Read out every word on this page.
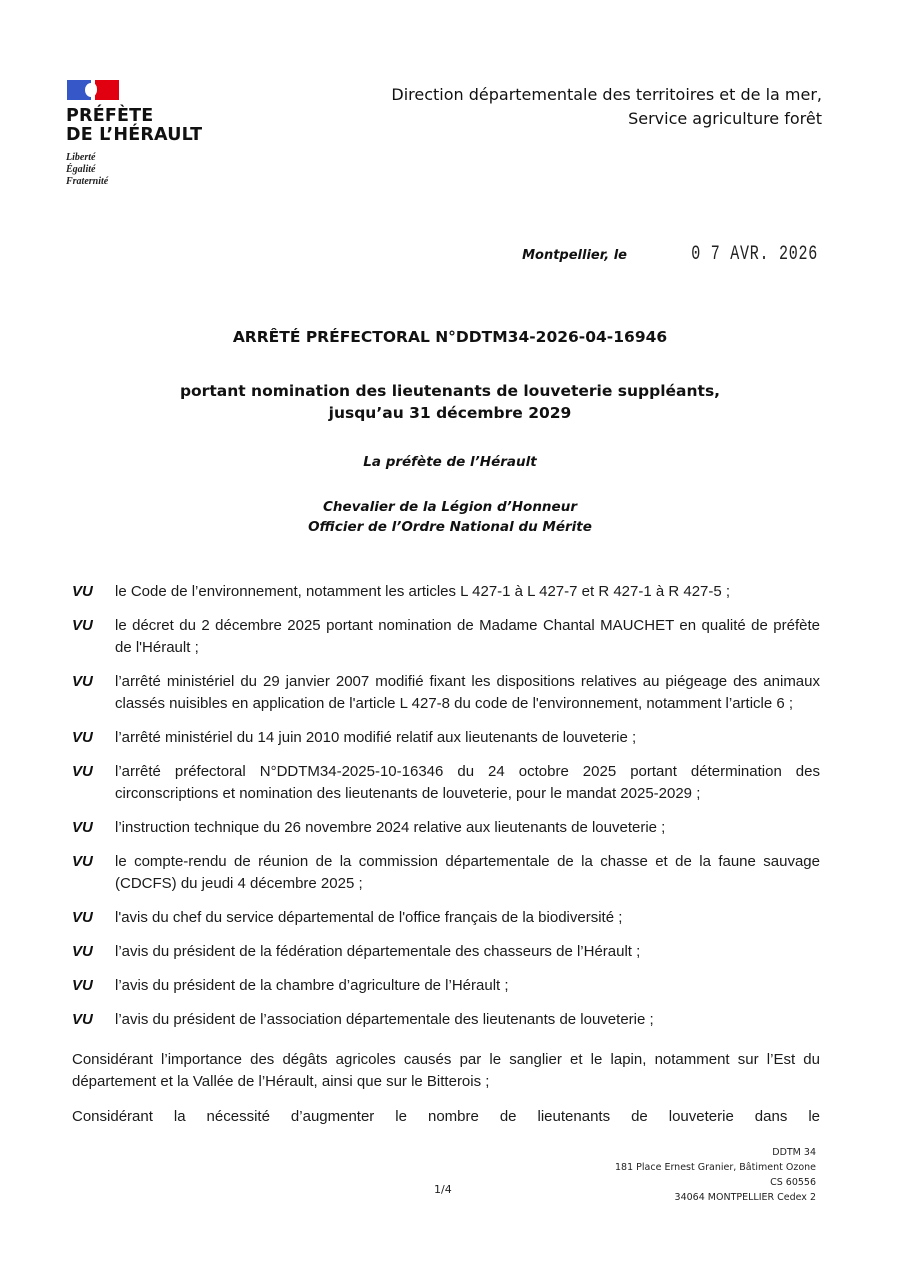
PRÉFÈTE
DE L’HÉRAULT
Liberté
Égalité
Fraternité
Direction départementale des territoires et de la mer,
Service agriculture forêt
Montpellier, le	0 7 AVR. 2026
ARRÊTÉ PRÉFECTORAL N°DDTM34-2026-04-16946
portant nomination des lieutenants de louveterie suppléants,
jusqu’au 31 décembre 2029
La préfète de l’Hérault
Chevalier de la Légion d’Honneur
Officier de l’Ordre National du Mérite
VU	le Code de l’environnement, notamment les articles L 427-1 à L 427-7 et R 427-1 à R 427-5 ;
VU	le décret du 2 décembre 2025 portant nomination de Madame Chantal MAUCHET en qualité de préfète de l'Hérault ;
VU	l’arrêté ministériel du 29 janvier 2007 modifié fixant les dispositions relatives au piégeage des animaux classés nuisibles en application de l'article L 427-8 du code de l'environnement, notamment l’article 6 ;
VU	l’arrêté ministériel du 14 juin 2010 modifié relatif aux lieutenants de louveterie ;
VU	l’arrêté préfectoral N°DDTM34-2025-10-16346 du 24 octobre 2025 portant détermination des circonscriptions et nomination des lieutenants de louveterie, pour le mandat 2025-2029 ;
VU	l’instruction technique du 26 novembre 2024 relative aux lieutenants de louveterie ;
VU	le compte-rendu de réunion de la commission départementale de la chasse et de la faune sauvage (CDCFS) du jeudi 4 décembre 2025 ;
VU	l'avis du chef du service départemental de l'office français de la biodiversité ;
VU	l’avis du président de la fédération départementale des chasseurs de l’Hérault ;
VU	l’avis du président de la chambre d’agriculture de l’Hérault ;
VU	l’avis du président de l’association départementale des lieutenants de louveterie ;
Considérant l’importance des dégâts agricoles causés par le sanglier et le lapin, notamment sur l’Est du département et la Vallée de l’Hérault, ainsi que sur le Bitterois ;
Considérant la nécessité d’augmenter le nombre de lieutenants de louveterie dans le
1/4
DDTM 34
181 Place Ernest Granier, Bâtiment Ozone
CS 60556
34064 MONTPELLIER Cedex 2
